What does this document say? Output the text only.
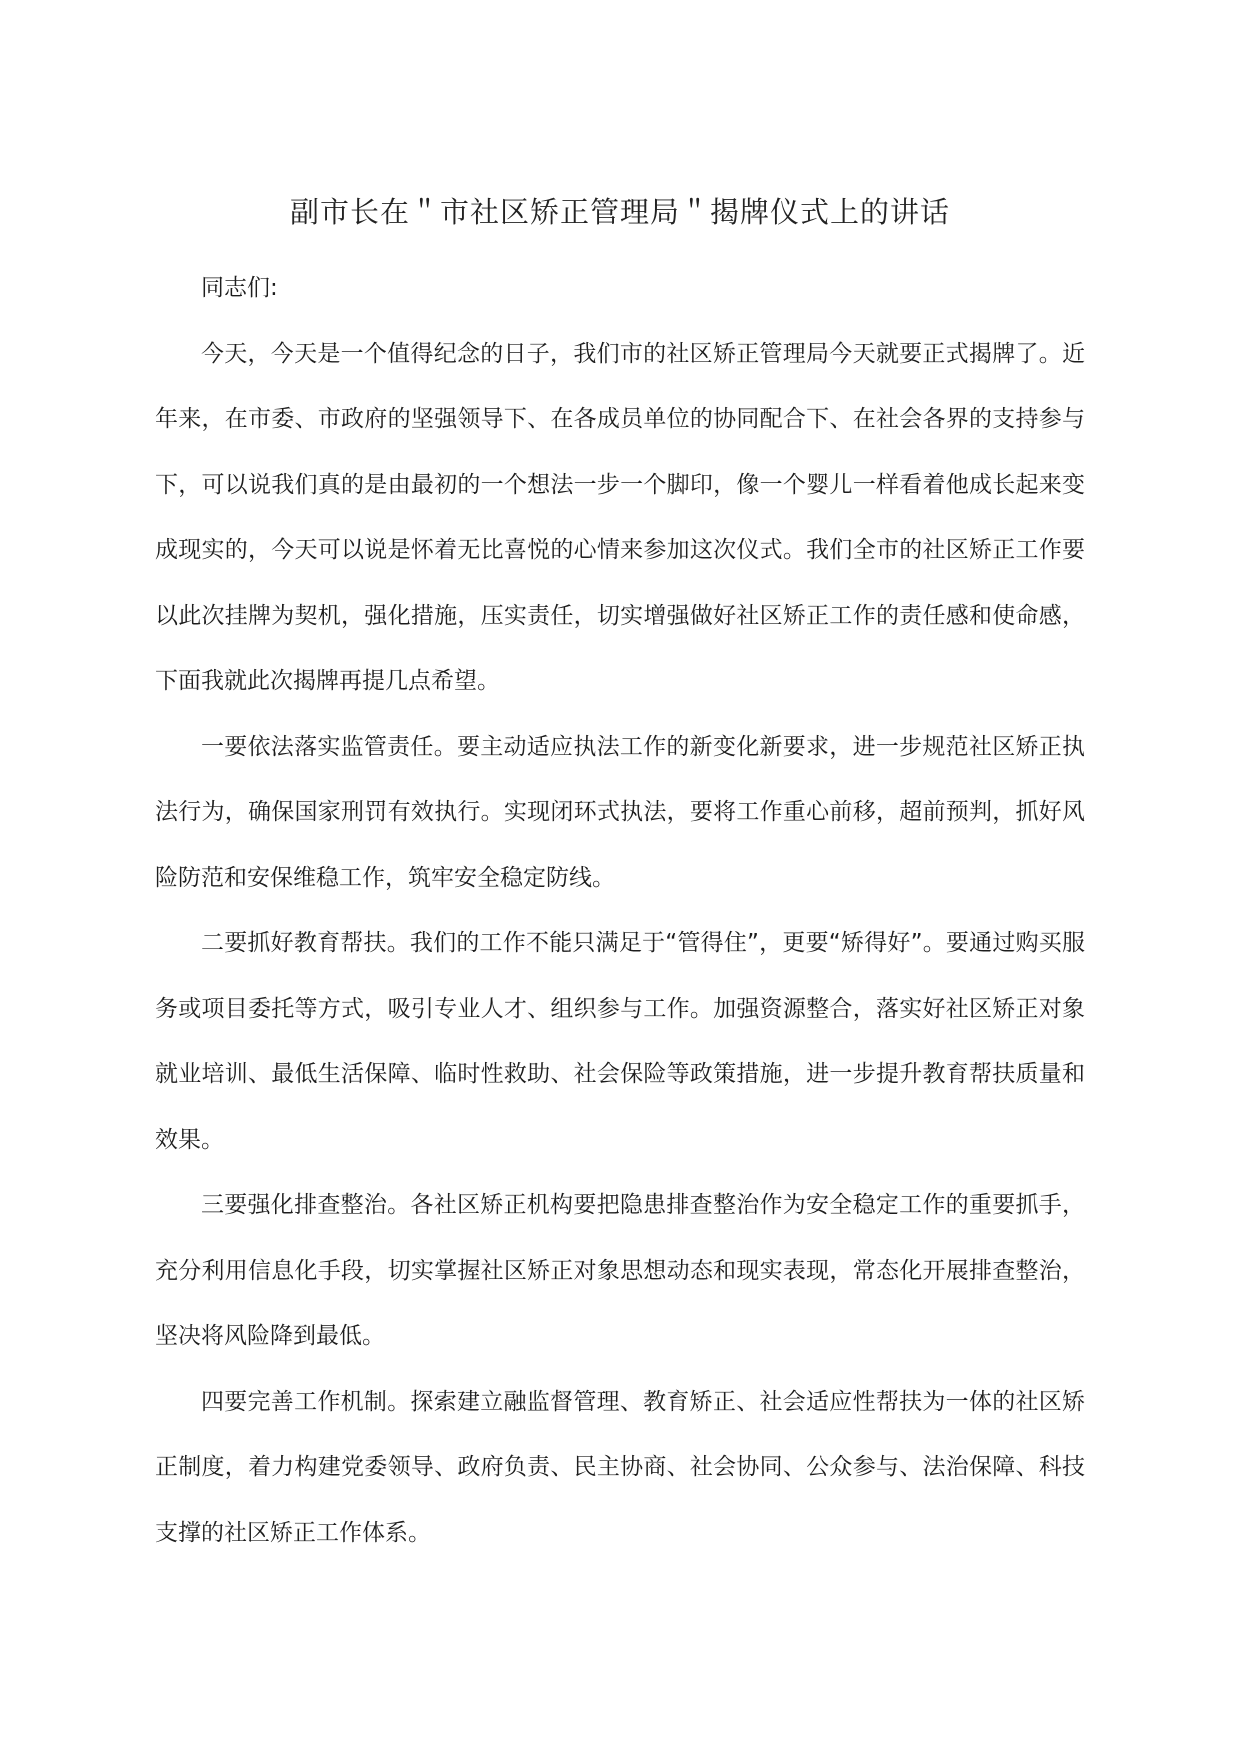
副市长在＂市社区矫正管理局＂揭牌仪式上的讲话

同志们:

今天，今天是一个值得纪念的日子，我们市的社区矫正管理局今天就要正式揭牌了。近年来，在市委、市政府的坚强领导下、在各成员单位的协同配合下、在社会各界的支持参与下，可以说我们真的是由最初的一个想法一步一个脚印，像一个婴儿一样看着他成长起来变成现实的，今天可以说是怀着无比喜悦的心情来参加这次仪式。我们全市的社区矫正工作要以此次挂牌为契机，强化措施，压实责任，切实增强做好社区矫正工作的责任感和使命感，下面我就此次揭牌再提几点希望。

一要依法落实监管责任。要主动适应执法工作的新变化新要求，进一步规范社区矫正执法行为，确保国家刑罚有效执行。实现闭环式执法，要将工作重心前移，超前预判，抓好风险防范和安保维稳工作，筑牢安全稳定防线。

二要抓好教育帮扶。我们的工作不能只满足于“管得住”，更要“矫得好”。要通过购买服务或项目委托等方式，吸引专业人才、组织参与工作。加强资源整合，落实好社区矫正对象就业培训、最低生活保障、临时性救助、社会保险等政策措施，进一步提升教育帮扶质量和效果。

三要强化排查整治。各社区矫正机构要把隐患排查整治作为安全稳定工作的重要抓手，充分利用信息化手段，切实掌握社区矫正对象思想动态和现实表现，常态化开展排查整治，坚决将风险降到最低。

四要完善工作机制。探索建立融监督管理、教育矫正、社会适应性帮扶为一体的社区矫正制度，着力构建党委领导、政府负责、民主协商、社会协同、公众参与、法治保障、科技支撑的社区矫正工作体系。
